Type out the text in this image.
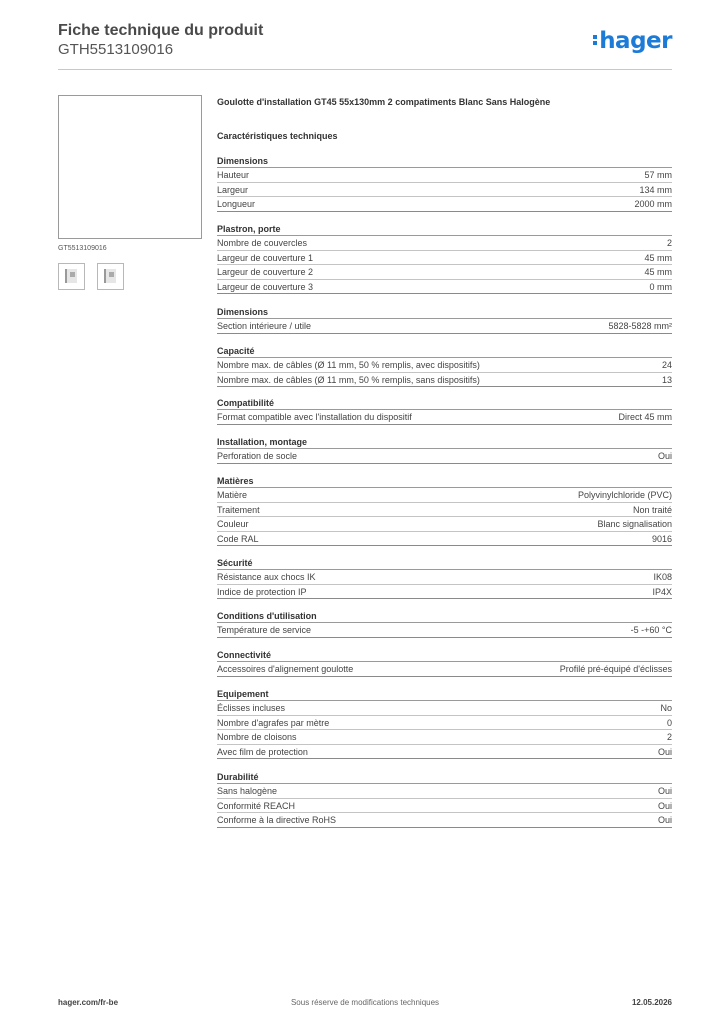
Fiche technique du produit
GTH5513109016	hager
GT5513109016
Goulotte d'installation GT45 55x130mm 2 compatiments Blanc Sans Halogène
Caractéristiques techniques
Dimensions
Hauteur	57 mm
Largeur	134 mm
Longueur	2000 mm
Plastron, porte
Nombre de couvercles	2
Largeur de couverture 1	45 mm
Largeur de couverture 2	45 mm
Largeur de couverture 3	0 mm
Dimensions
Section intérieure / utile	5828-5828 mm²
Capacité
Nombre max. de câbles (Ø 11 mm, 50 % remplis, avec dispositifs)	24
Nombre max. de câbles (Ø 11 mm, 50 % remplis, sans dispositifs)	13
Compatibilité
Format compatible avec l'installation du dispositif	Direct 45 mm
Installation, montage
Perforation de socle	Oui
Matières
Matière	Polyvinylchloride (PVC)
Traitement	Non traité
Couleur	Blanc signalisation
Code RAL	9016
Sécurité
Résistance aux chocs IK	IK08
Indice de protection IP	IP4X
Conditions d'utilisation
Température de service	-5 -+60 °C
Connectivité
Accessoires d'alignement goulotte	Profilé pré-équipé d'éclisses
Equipement
Éclisses incluses	No
Nombre d'agrafes par mètre	0
Nombre de cloisons	2
Avec film de protection	Oui
Durabilité
Sans halogène	Oui
Conformité REACH	Oui
Conforme à la directive RoHS	Oui
hager.com/fr-be	Sous réserve de modifications techniques	12.05.2026
